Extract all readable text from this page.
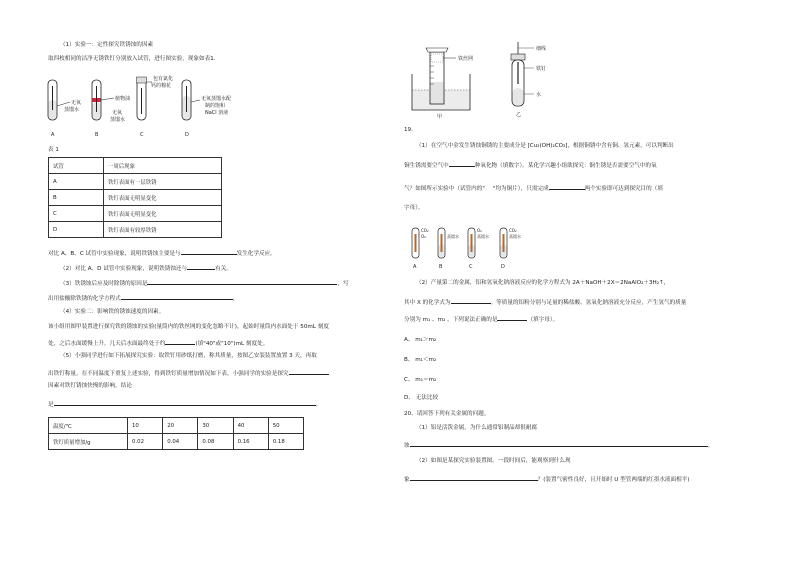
（1）实验一：定性探究铁锈蚀的因素
取四枚相同的洁净无锈铁钉分别放入试管，进行图实验，现象如表1.
无氧
蒸馏水
A
植物油
无氧
蒸馏水
B
包有氯化
钙的棉花
C
无氧蒸馏水配
制的饱和
NaCl 溶液
D
表 1
试管	一周后现象
A	铁钉表面有一层铁锈
B	铁钉表面无明显变化
C	铁钉表面无明显变化
D	铁钉表面有较厚铁锈
对比 A、B、C 试管中实验现象，说明铁锈蚀主要是与	发生化学反应。
（2）对比 A、D 试管中实验现象，说明铁锈蚀还与	有关。
（3）铁锈蚀后应及时除锈的原因是	，写
出用盐酸除铁锈的化学方程式	。
（4）实验二：影响铁的锈蚀速度的因素。
该小组用图甲装置进行探究铁的锈蚀的实验(量筒内的铁丝网的变化忽略不计)，起始时量筒内水面处于 50mL 刻度
处，之后水面缓慢上升。几天后水面最终处于约	(填"40"或"10")mL 刻度处。
（5）小强同学进行如下拓展探究实验：取铁钉用砂纸打磨，称其质量，按图乙安装装置放置 3 天，再取
出铁钉称量。在不同温度下重复上述实验，得到铁钉质量增加情况如下表。小强同学的实验是探究
因素对铁钉锈蚀快慢的影响，结论
是	。
温度/℃	10	20	30	40	50
铁钉质量增加/g	0.02	0.04	0.08	0.16	0.18
铁丝网
甲
细线
铁钉
水
乙
19.
（1）在空气中金发生锈蚀铜锈的主要成分是 [Cu₂(OH)₂CO₃]，根据铜锈中含有铜、氢元素，可以判断出
铜生锈需要空气中	种氧化物（填数字）。某化学兴趣小组欲探究：铜生锈是否需要空气中的氧
气？如图所示实验中（试管内的" "均为铜片），只需完成	两个实验即可达到探究目的（填
字母）。
CO₂
O₂
A
蒸馏水
B
O₂
蒸馏水
C
CO₂
蒸馏水
D
（2）产量第二的金属，铝和氢氧化钠溶液反应的化学方程式为 2A＋NaOH＋2X＝2NaAlO₂＋3H₂↑，
其中 X 的化学式为	。等质量的铝粉分别与足量的稀盐酸、氢氧化钠溶液充分反应，产生氢气的质量
分别为 m₁ 、m₂ ，下列说法正确的是	（填字母）。
A、 m₁＞m₂
B、 m₁＜m₂
C、 m₁＝m₂
D、 无法比较
20、请回答下列有关金属的问题。
（1）铝是活泼金属，为什么通常铝制品却很耐腐
蚀	。
（2）如图是某探究实验装置图。一段时间后，能观察到什么现
象	？(装置气密性良好，且开始时 U 型管两端的红墨水液面相平)
